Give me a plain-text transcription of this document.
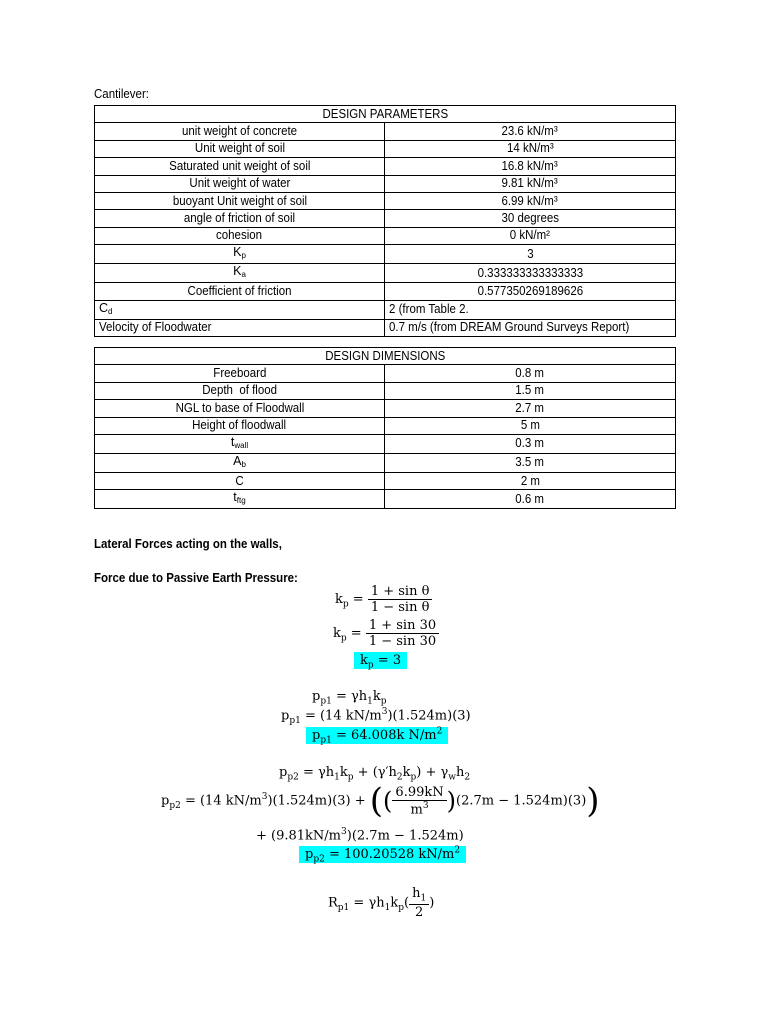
Cantilever:
DESIGN PARAMETERS	
unit weight of concrete	23.6 kN/m³
Unit weight of soil	14 kN/m³
Saturated unit weight of soil	16.8 kN/m³
Unit weight of water	9.81 kN/m³
buoyant Unit weight of soil	6.99 kN/m³
angle of friction of soil	30 degrees
cohesion	0 kN/m²
$K_p$	3
$K_a$	0.333333333333333
Coefficient of friction	0.577350269189626
$C_d$	2 (from Table 2.
Velocity of Floodwater	0.7 m/s (from DREAM Ground Surveys Report)
DESIGN DIMENSIONS	
Freeboard	0.8 m
Depth  of flood	1.5 m
NGL to base of Floodwall	2.7 m
Height of floodwall	5 m
$t_{wall}$	0.3 m
$A_b$	3.5 m
C	2 m
$t_{ftg}$	0.6 m
Lateral Forces acting on the walls,
Force due to Passive Earth Pressure:
$k_p = \frac{\text{1 + sin θ}}{\text{1 − sin θ}}$
$k_p = \frac{1 + \sin 30}{1 - \sin 30}$
$k_p = 3$
$p_{p1} = \gamma h_1k_p$
$p_{p1} = (14$ $kN/m^3)(1.524m)(3)$
$p_{p1} = 64.008k$ $N/m^2$
$p_{p2} = \gamma h_1k_p + (\gamma'h_2k_p) + \gamma_wh_2$
$p_{p2} = (14$ $kN/m^3)(1.524m)(3)$ + (( $\frac{6.99kN}{m^3} )(2.7m - 1.524m)(3)$)
+ $(9.81kN/m^3)(2.7m - 1.524m)$
$p_{p2} = 100.20528$ $kN/m^2$
$R_{p1} = \gamma h_1k_p( \frac{h_1}{2}$ )
